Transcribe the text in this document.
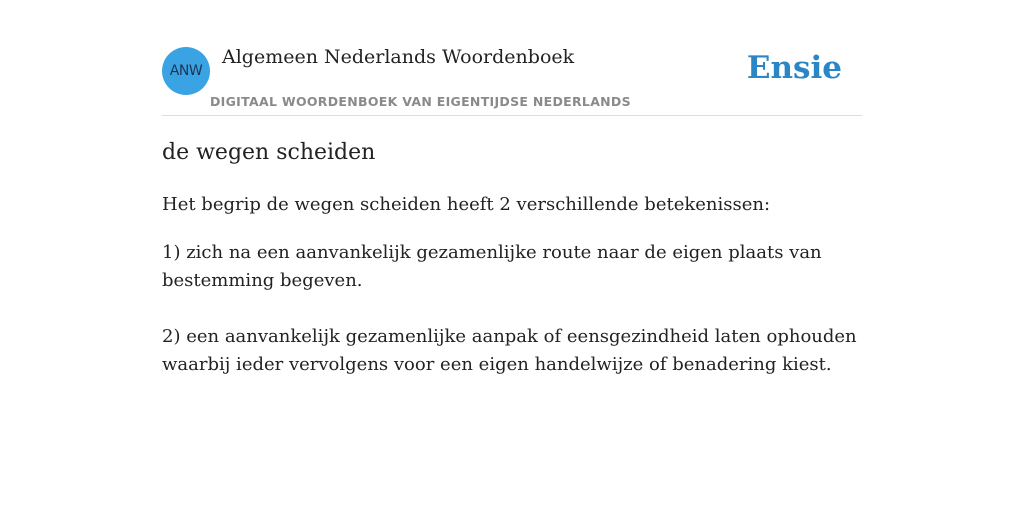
ANW
Algemeen Nederlands Woordenboek
DIGITAAL WOORDENBOEK VAN EIGENTIJDSE NEDERLANDS
Ensie
de wegen scheiden

Het begrip de wegen scheiden heeft 2 verschillende betekenissen:

1) zich na een aanvankelijk gezamenlijke route naar de eigen plaats van bestemming begeven.

2) een aanvankelijk gezamenlijke aanpak of eensgezindheid laten ophouden waarbij ieder vervolgens voor een eigen handelwijze of benadering kiest.
